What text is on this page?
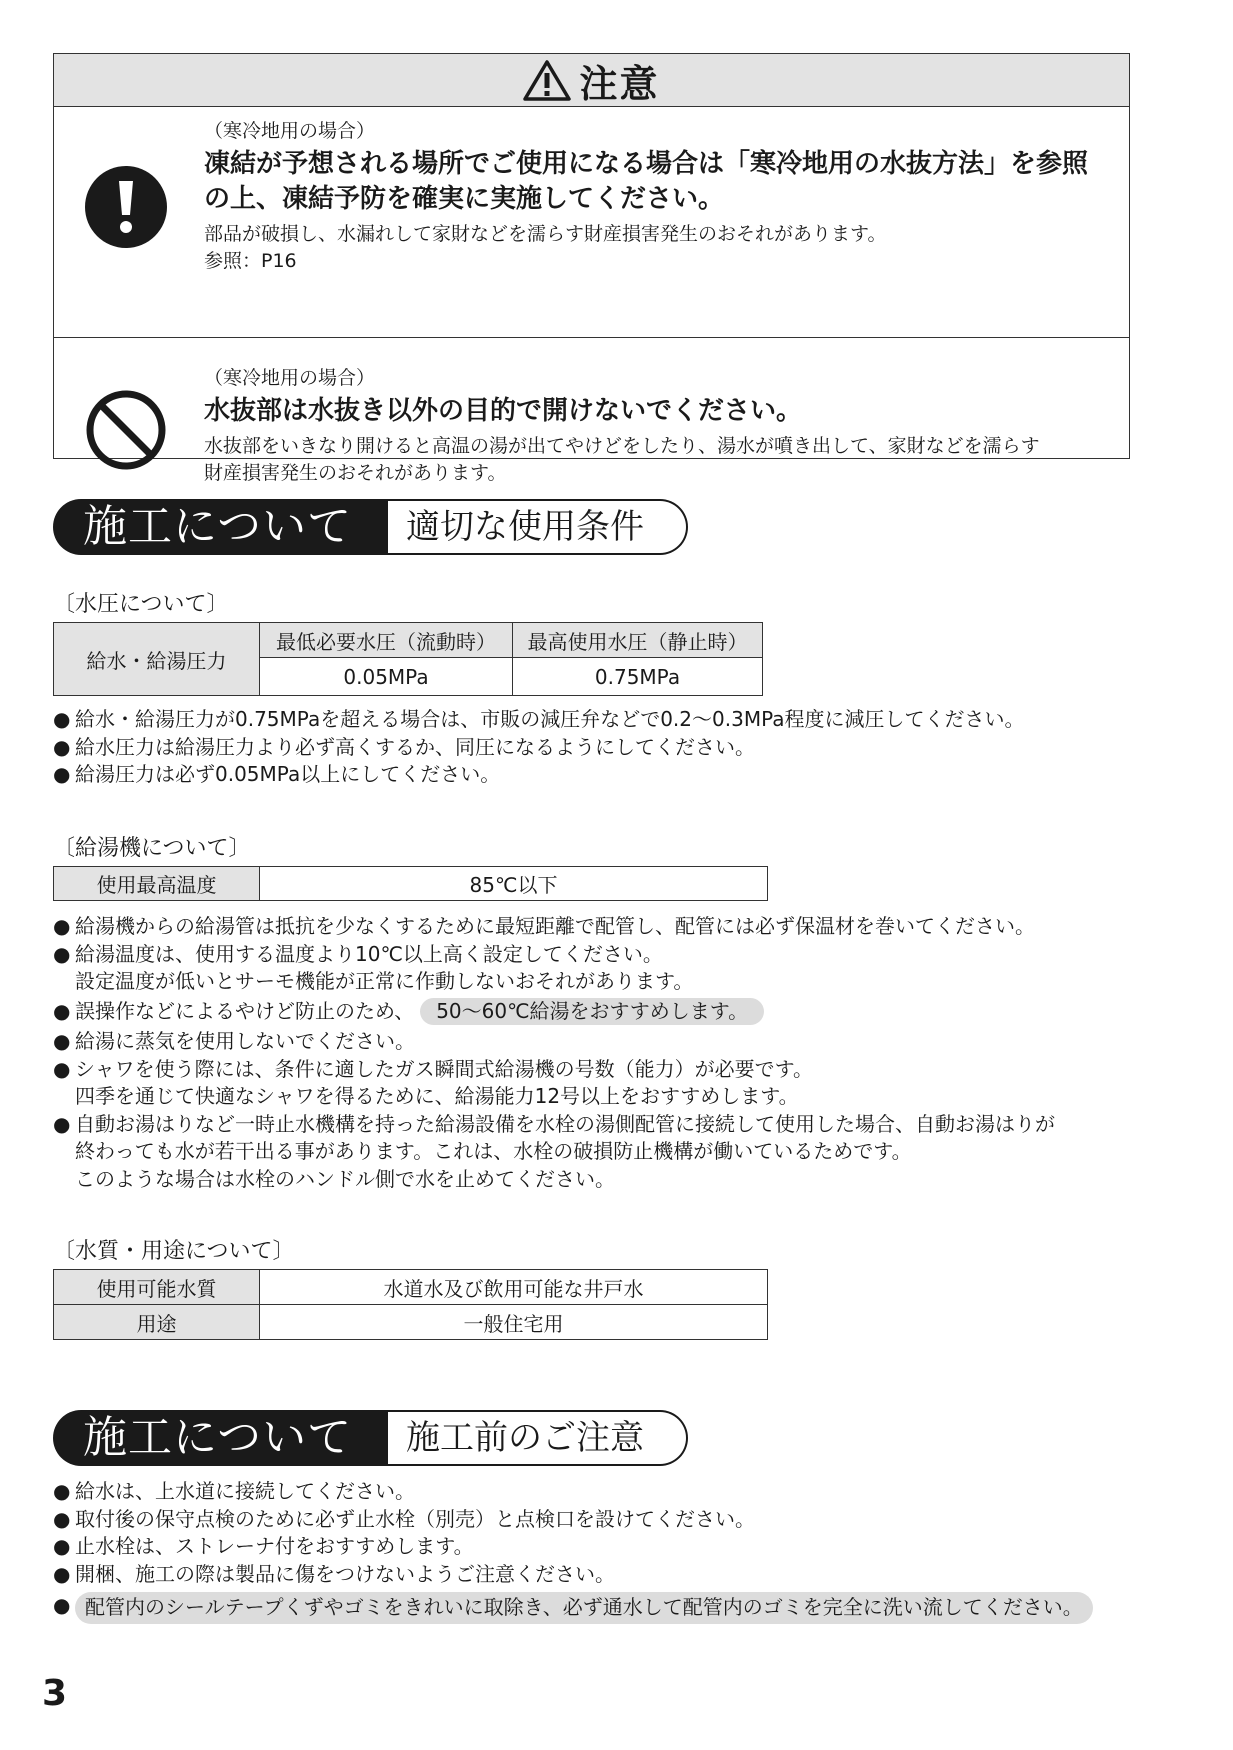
注意
（寒冷地用の場合）
凍結が予想される場所でご使用になる場合は「寒冷地用の水抜方法」を参照の上、凍結予防を確実に実施してください。
部品が破損し、水漏れして家財などを濡らす財産損害発生のおそれがあります。
参照：P16
（寒冷地用の場合）
水抜部は水抜き以外の目的で開けないでください。
水抜部をいきなり開けると高温の湯が出てやけどをしたり、湯水が噴き出して、家財などを濡らす財産損害発生のおそれがあります。
施工について	適切な使用条件
〔水圧について〕
給水・給湯圧力	最低必要水圧（流動時）	最高使用水圧（静止時）
	0.05MPa	0.75MPa
● 給水・給湯圧力が0.75MPaを超える場合は、市販の減圧弁などで0.2〜0.3MPa程度に減圧してください。
● 給水圧力は給湯圧力より必ず高くするか、同圧になるようにしてください。
● 給湯圧力は必ず0.05MPa以上にしてください。
〔給湯機について〕
使用最高温度	85℃以下
● 給湯機からの給湯管は抵抗を少なくするために最短距離で配管し、配管には必ず保温材を巻いてください。
● 給湯温度は、使用する温度より10℃以上高く設定してください。
設定温度が低いとサーモ機能が正常に作動しないおそれがあります。
● 誤操作などによるやけど防止のため、 50〜60℃給湯をおすすめします。
● 給湯に蒸気を使用しないでください。
● シャワを使う際には、条件に適したガス瞬間式給湯機の号数（能力）が必要です。
四季を通じて快適なシャワを得るために、給湯能力12号以上をおすすめします。
● 自動お湯はりなど一時止水機構を持った給湯設備を水栓の湯側配管に接続して使用した場合、自動お湯はりが
終わっても水が若干出る事があります。これは、水栓の破損防止機構が働いているためです。
このような場合は水栓のハンドル側で水を止めてください。
〔水質・用途について〕
使用可能水質	水道水及び飲用可能な井戸水
用途	一般住宅用
施工について	施工前のご注意
● 給水は、上水道に接続してください。
● 取付後の保守点検のために必ず止水栓（別売）と点検口を設けてください。
● 止水栓は、ストレーナ付をおすすめします。
● 開梱、施工の際は製品に傷をつけないようご注意ください。
● 配管内のシールテープくずやゴミをきれいに取除き、必ず通水して配管内のゴミを完全に洗い流してください。
3
